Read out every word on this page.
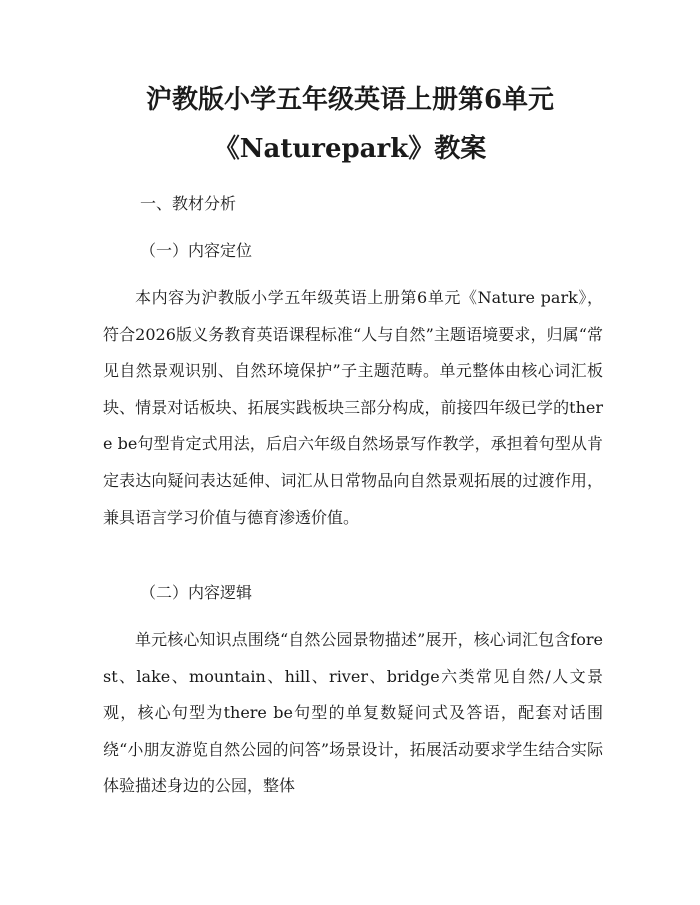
沪教版小学五年级英语上册第6单元
《Naturepark》教案
一、教材分析
（一）内容定位

本内容为沪教版小学五年级英语上册第6单元《Nature park》，符合2026版义务教育英语课程标准“人与自然”主题语境要求，归属“常见自然景观识别、自然环境保护”子主题范畴。单元整体由核心词汇板块、情景对话板块、拓展实践板块三部分构成，前接四年级已学的there be句型肯定式用法，后启六年级自然场景写作教学，承担着句型从肯定表达向疑问表达延伸、词汇从日常物品向自然景观拓展的过渡作用，兼具语言学习价值与德育渗透价值。

（二）内容逻辑

单元核心知识点围绕“自然公园景物描述”展开，核心词汇包含forest、lake、mountain、hill、river、bridge六类常见自然/人文景观，核心句型为there be句型的单复数疑问式及答语，配套对话围绕“小朋友游览自然公园的问答”场景设计，拓展活动要求学生结合实际体验描述身边的公园，整体
